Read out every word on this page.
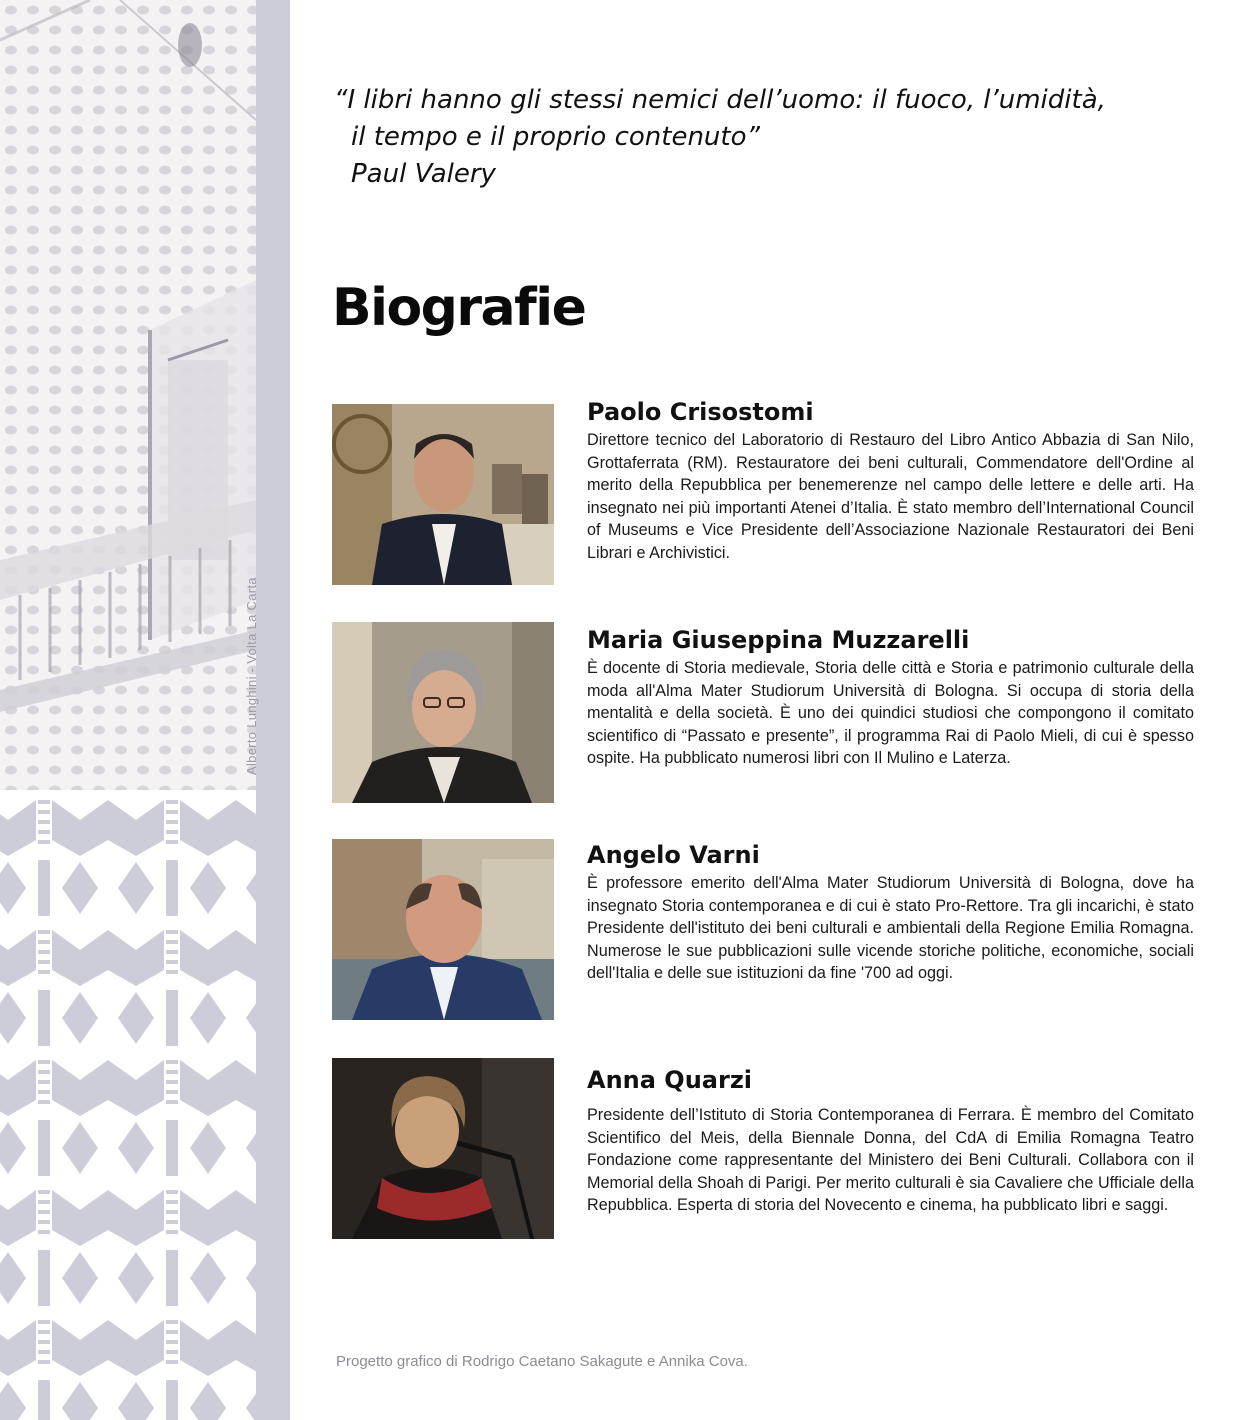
Alberto Lunghini - Volta La Carta
“I libri hanno gli stessi nemici dell’uomo: il fuoco, l’umidità,
il tempo e il proprio contenuto”
Paul Valery
Biografie
Paolo Crisostomi

Direttore tecnico del Laboratorio di Restauro del Libro Antico Abbazia di San Nilo, Grottaferrata (RM). Restauratore dei beni culturali, Commendatore dell'Ordine al merito della Repubblica per benemerenze nel campo delle lettere e delle arti. Ha insegnato nei più importanti Atenei d’Italia. È stato membro dell’International Council of Museums e Vice Presidente dell’Associazione Nazionale Restauratori dei Beni Librari e Archivistici.

Maria Giuseppina Muzzarelli

È docente di Storia medievale, Storia delle città e Storia e patrimonio culturale della moda all'Alma Mater Studiorum Università di Bologna. Si occupa di storia della mentalità e della società. È uno dei quindici studiosi che compongono il comitato scientifico di “Passato e presente”, il programma Rai di Paolo Mieli, di cui è spesso ospite. Ha pubblicato numerosi libri con Il Mulino e Laterza.

Angelo Varni

È professore emerito dell'Alma Mater Studiorum Università di Bologna, dove ha insegnato Storia contemporanea e di cui è stato Pro-Rettore. Tra gli incarichi, è stato Presidente dell'istituto dei beni culturali e ambientali della Regione Emilia Romagna. Numerose le sue pubblicazioni sulle vicende storiche politiche, economiche, sociali dell'Italia e delle sue istituzioni da fine '700 ad oggi.

Anna Quarzi

Presidente dell’Istituto di Storia Contemporanea di Ferrara. È membro del Comitato Scientifico del Meis, della Biennale Donna, del CdA di Emilia Romagna Teatro Fondazione come rappresentante del Ministero dei Beni Culturali. Collabora con il Memorial della Shoah di Parigi. Per merito culturali è sia Cavaliere che Ufficiale della Repubblica. Esperta di storia del Novecento e cinema, ha pubblicato libri e saggi.

Progetto grafico di Rodrigo Caetano Sakagute e Annika Cova.
